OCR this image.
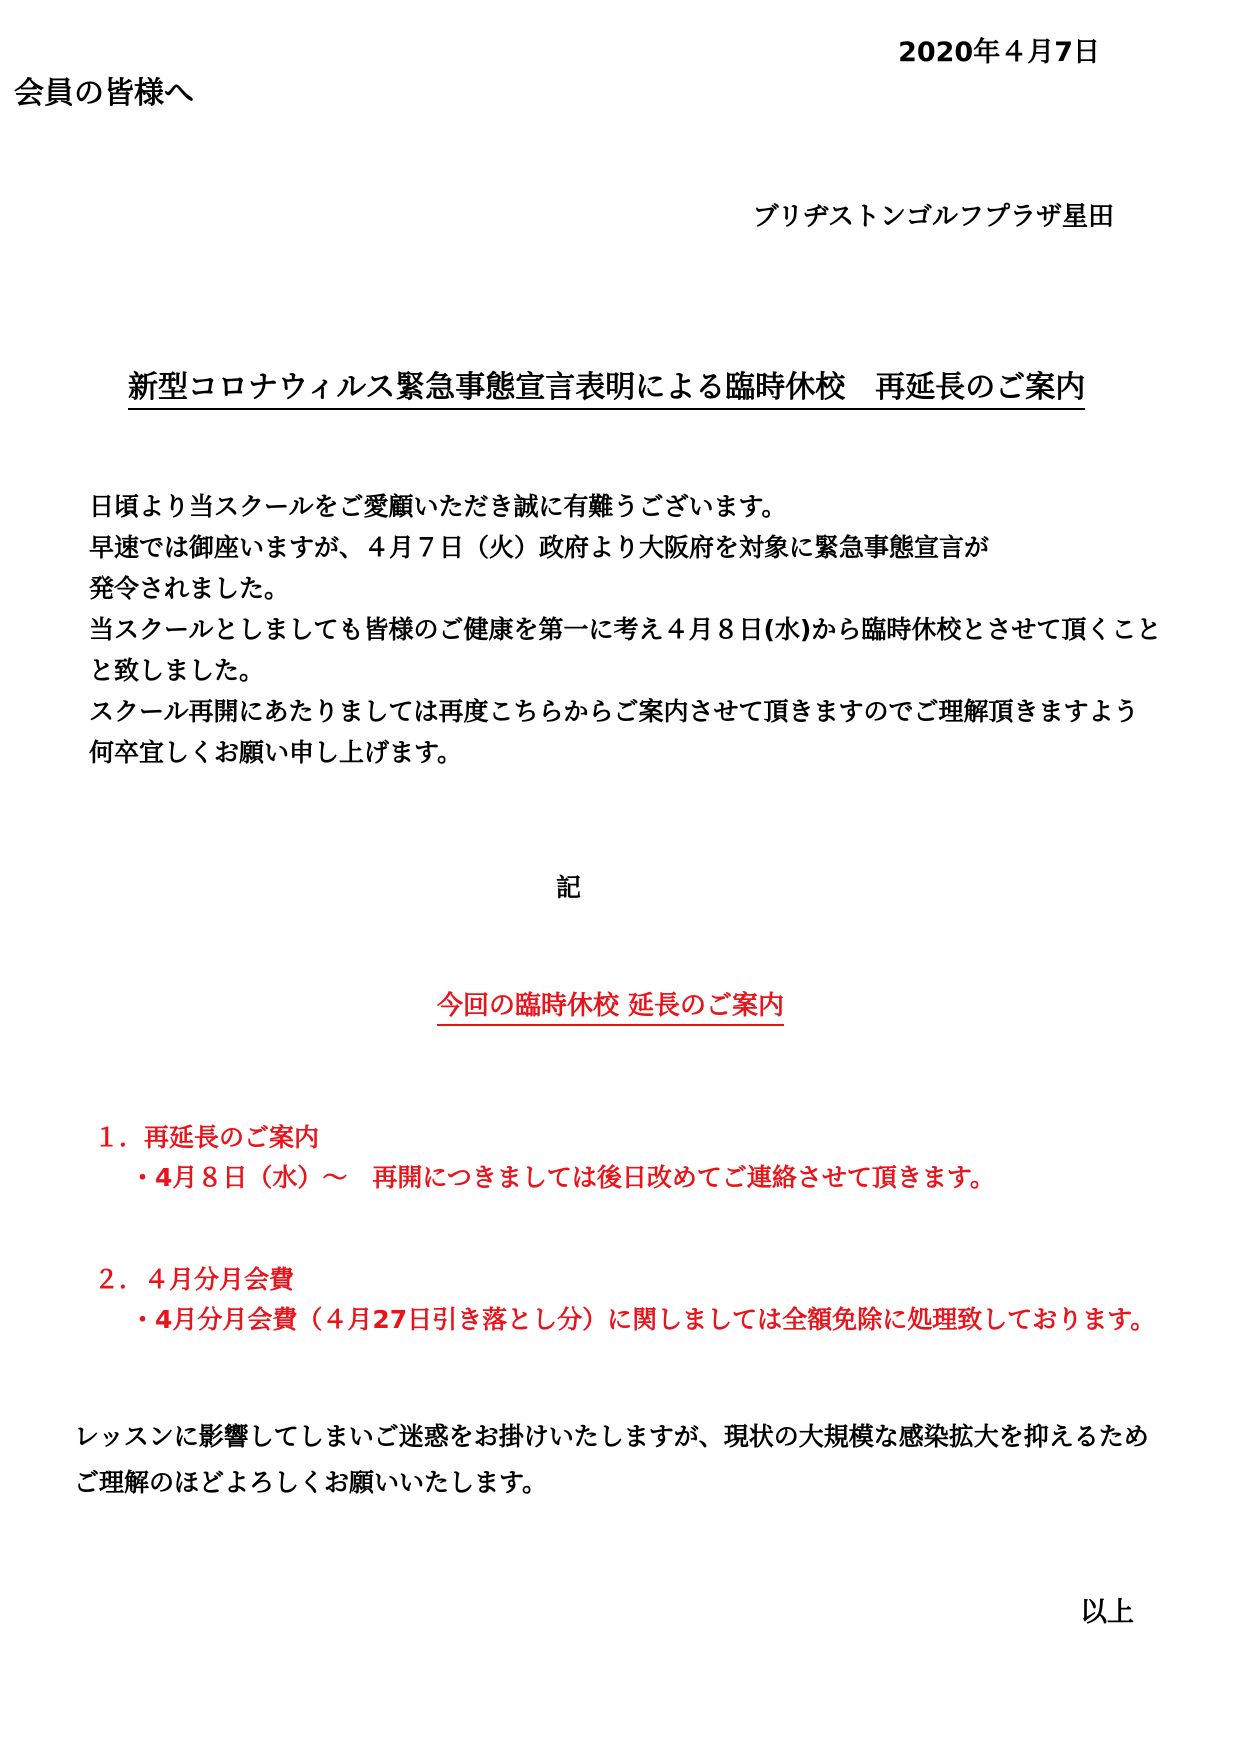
2020年４月7日
会員の皆様へ
ブリヂストンゴルフプラザ星田
新型コロナウィルス緊急事態宣言表明による臨時休校　再延長のご案内
日頃より当スクールをご愛顧いただき誠に有難うございます。
早速では御座いますが、４月７日（火）政府より大阪府を対象に緊急事態宣言が
発令されました。
当スクールとしましても皆様のご健康を第一に考え４月８日(水)から臨時休校とさせて頂くこと
と致しました。
スクール再開にあたりましては再度こちらからご案内させて頂きますのでご理解頂きますよう
何卒宜しくお願い申し上げます。
記
今回の臨時休校 延長のご案内
１．再延長のご案内
・4月８日（水）～　再開につきましては後日改めてご連絡させて頂きます。
２．４月分月会費
・4月分月会費（４月27日引き落とし分）に関しましては全額免除に処理致しております。
レッスンに影響してしまいご迷惑をお掛けいたしますが、現状の大規模な感染拡大を抑えるため
ご理解のほどよろしくお願いいたします。
以上
